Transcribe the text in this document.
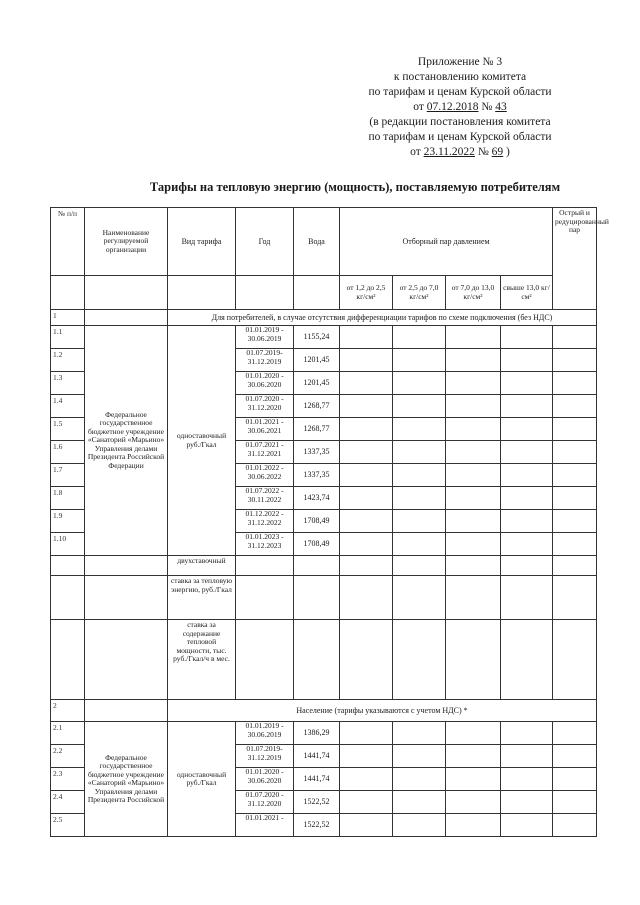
Приложение № 3
к постановлению комитета
по тарифам и ценам Курской области
от 07.12.2018 № 43
(в редакции постановления комитета
по тарифам и ценам Курской области
от 23.11.2022 № 69 )
Тарифы на тепловую энергию (мощность), поставляемую потребителям
№ п/п	Наименование регулируемой организации	Вид тарифа	Год	Вода	Отборный пар давлением				Острый и редуцированный пар
					от 1,2 до 2,5 кг/см²	от 2,5 до 7,0 кг/см²	от 7,0 до 13,0 кг/см²	свыше 13,0 кг/см²	
1		Для потребителей, в случае отсутствия дифференциации тарифов по схеме подключения (без НДС)							
1.1	Федеральное государственное бюджетное учреждение «Санаторий «Марьино» Управления делами Президента Российской Федерации	одноставочный руб./Гкал	01.01.2019 - 30.06.2019	1155,24					
1.2			01.07.2019- 31.12.2019	1201,45					
1.3			01.01.2020 - 30.06.2020	1201,45					
1.4			01.07.2020 - 31.12.2020	1268,77					
1.5			01.01.2021 - 30.06.2021	1268,77					
1.6			01.07.2021 - 31.12.2021	1337,35					
1.7			01.01.2022 - 30.06.2022	1337,35					
1.8			01.07.2022 - 30.11.2022	1423,74					
1.9			01.12.2022 - 31.12.2022	1708,49					
1.10			01.01.2023 - 31.12.2023	1708,49					
		двухставочный							
		ставка за тепловую энергию, руб./Гкал							
		ставка за содержание тепловой мощности, тыс. руб./Гкал/ч в мес.							
2		Население (тарифы указываются с учетом НДС) *							
2.1	Федеральное государственное бюджетное учреждение «Санаторий «Марьино» Управления делами Президента Российской	одноставочный руб./Гкал	01.01.2019 - 30.06.2019	1386,29					
2.2			01.07.2019- 31.12.2019	1441,74					
2.3			01.01.2020 - 30.06.2020	1441,74					
2.4			01.07.2020 - 31.12.2020	1522,52					
2.5			01.01.2021 -	1522,52					
